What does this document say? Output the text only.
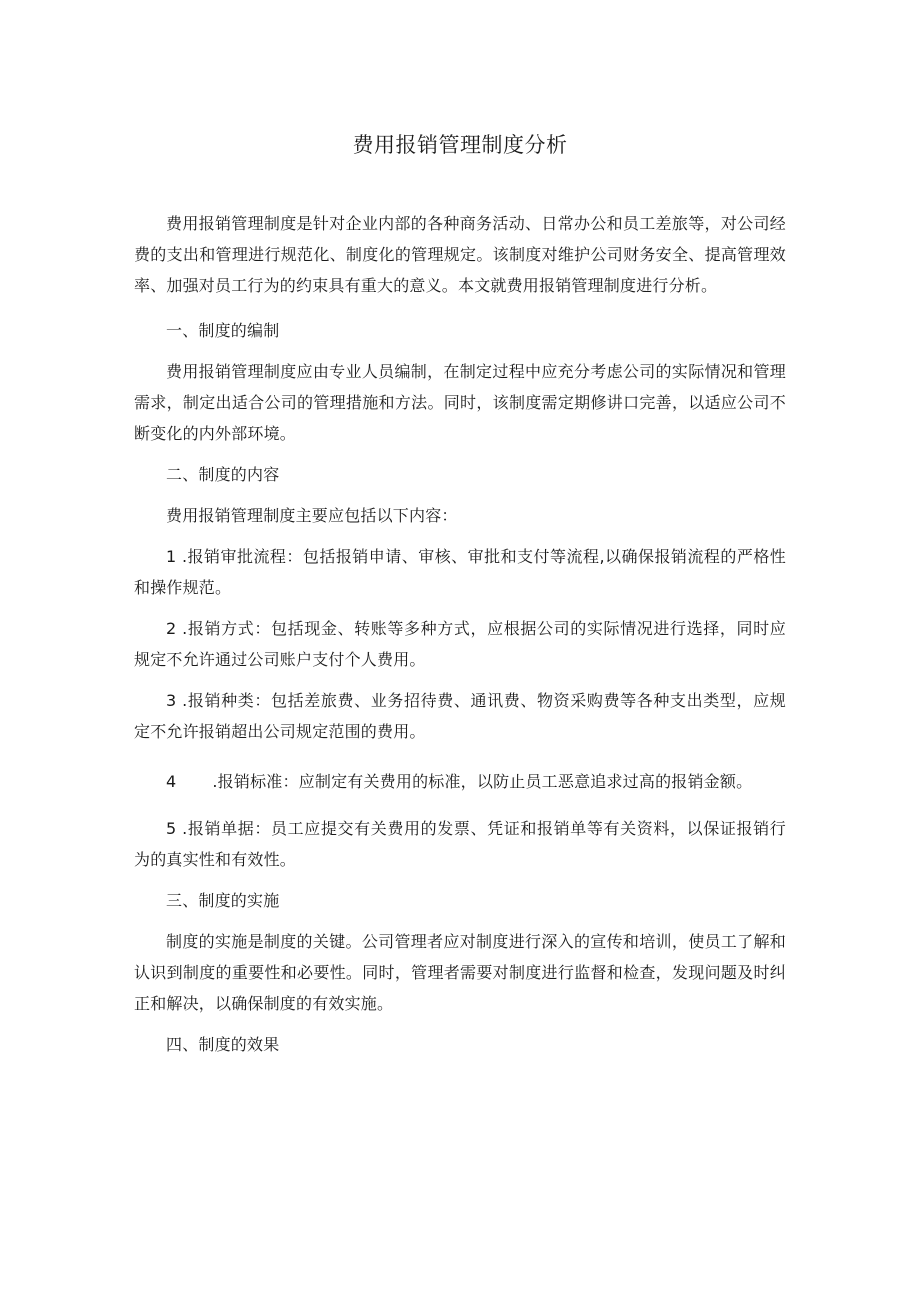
费用报销管理制度分析

费用报销管理制度是针对企业内部的各种商务活动、日常办公和员工差旅等，对公司经费的支出和管理进行规范化、制度化的管理规定。该制度对维护公司财务安全、提高管理效率、加强对员工行为的约束具有重大的意义。本文就费用报销管理制度进行分析。

一、制度的编制

费用报销管理制度应由专业人员编制，在制定过程中应充分考虑公司的实际情况和管理需求，制定出适合公司的管理措施和方法。同时，该制度需定期修讲口完善，以适应公司不断变化的内外部环境。

二、制度的内容

费用报销管理制度主要应包括以下内容：

1 .报销审批流程：包括报销申请、审核、审批和支付等流程,以确保报销流程的严格性和操作规范。

2 .报销方式：包括现金、转账等多种方式，应根据公司的实际情况进行选择，同时应规定不允许通过公司账户支付个人费用。

3 .报销种类：包括差旅费、业务招待费、通讯费、物资采购费等各种支出类型，应规定不允许报销超出公司规定范围的费用。

4 .报销标准：应制定有关费用的标准，以防止员工恶意追求过高的报销金额。

5 .报销单据：员工应提交有关费用的发票、凭证和报销单等有关资料，以保证报销行为的真实性和有效性。

三、制度的实施

制度的实施是制度的关键。公司管理者应对制度进行深入的宣传和培训，使员工了解和认识到制度的重要性和必要性。同时，管理者需要对制度进行监督和检查，发现问题及时纠正和解决，以确保制度的有效实施。

四、制度的效果
